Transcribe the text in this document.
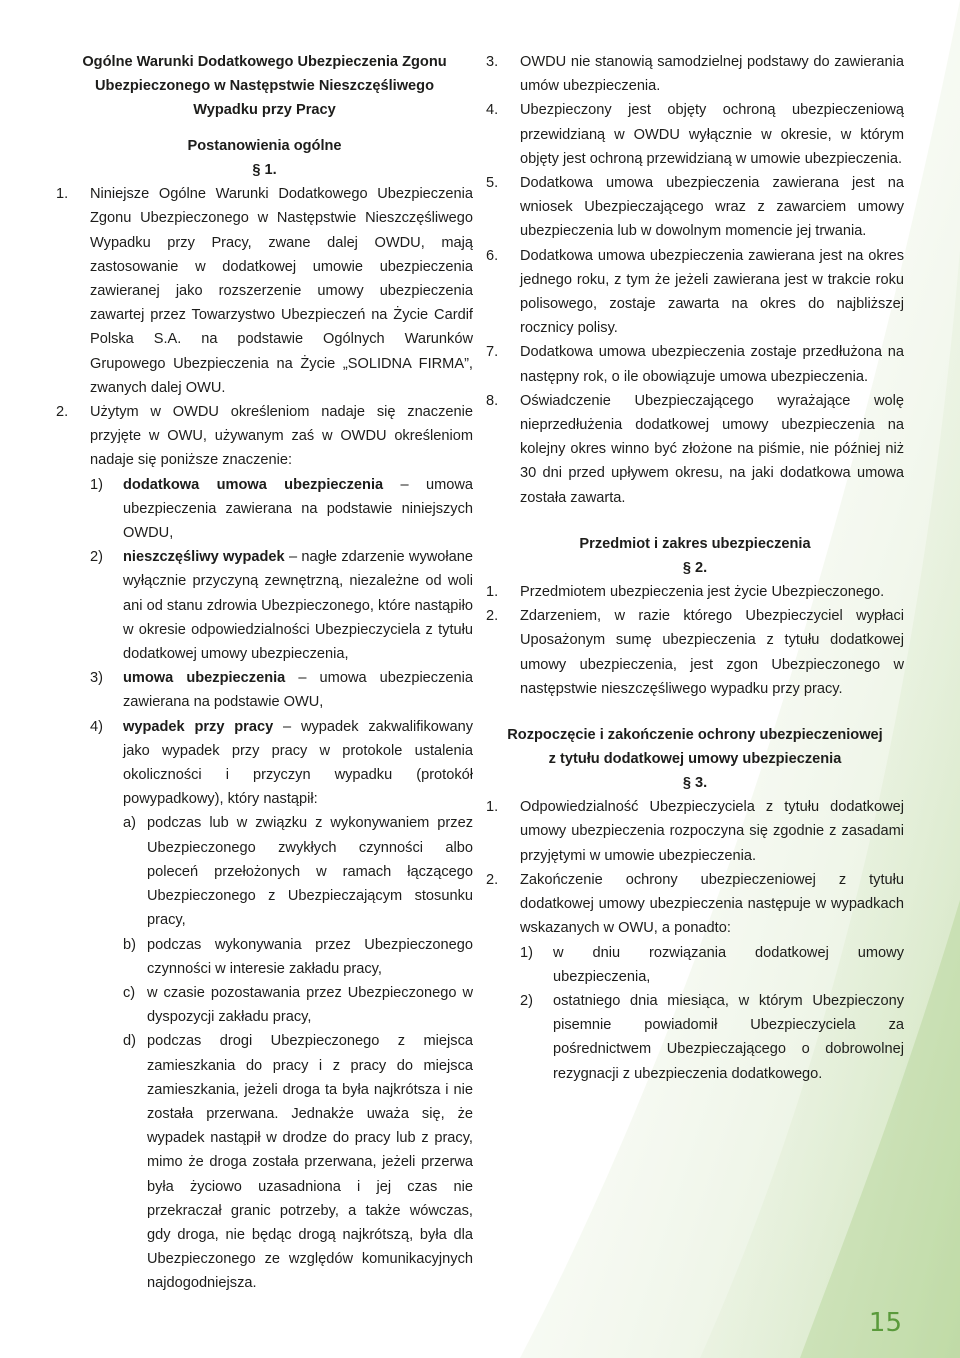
Ogólne Warunki Dodatkowego Ubezpieczenia Zgonu
Ubezpieczonego w Następstwie Nieszczęśliwego
Wypadku przy Pracy
Postanowienia ogólne
§ 1.
1. Niniejsze Ogólne Warunki Dodatkowego Ubezpieczenia Zgonu Ubezpieczonego w Następstwie Nieszczęśliwego Wypadku przy Pracy, zwane dalej OWDU, mają zastosowanie w dodatkowej umowie ubezpieczenia zawieranej jako rozszerzenie umowy ubezpieczenia zawartej przez Towarzystwo Ubezpieczeń na Życie Cardif Polska S.A. na podstawie Ogólnych Warunków Grupowego Ubezpieczenia na Życie „SOLIDNA FIRMA”, zwanych dalej OWU.
2. Użytym w OWDU określeniom nadaje się znaczenie przyjęte w OWU, używanym zaś w OWDU określeniom nadaje się poniższe znaczenie:
1) dodatkowa umowa ubezpieczenia – umowa ubezpieczenia zawierana na podstawie niniejszych OWDU,
2) nieszczęśliwy wypadek – nagłe zdarzenie wywołane wyłącznie przyczyną zewnętrzną, niezależne od woli ani od stanu zdrowia Ubezpieczonego, które nastąpiło w okresie odpowiedzialności Ubezpieczyciela z tytułu dodatkowej umowy ubezpieczenia,
3) umowa ubezpieczenia – umowa ubezpieczenia zawierana na podstawie OWU,
4) wypadek przy pracy – wypadek zakwalifikowany jako wypadek przy pracy w protokole ustalenia okoliczności i przyczyn wypadku (protokół powypadkowy), który nastąpił:
a) podczas lub w związku z wykonywaniem przez Ubezpieczonego zwykłych czynności albo poleceń przełożonych w ramach łączącego Ubezpieczonego z Ubezpieczającym stosunku pracy,
b) podczas wykonywania przez Ubezpieczonego czynności w interesie zakładu pracy,
c) w czasie pozostawania przez Ubezpieczonego w dyspozycji zakładu pracy,
d) podczas drogi Ubezpieczonego z miejsca zamieszkania do pracy i z pracy do miejsca zamieszkania, jeżeli droga ta była najkrótsza i nie została przerwana. Jednakże uważa się, że wypadek nastąpił w drodze do pracy lub z pracy, mimo że droga została przerwana, jeżeli przerwa była życiowo uzasadniona i jej czas nie przekraczał granic potrzeby, a także wówczas, gdy droga, nie będąc drogą najkrótszą, była dla Ubezpieczonego ze względów komunikacyjnych najdogodniejsza.
3. OWDU nie stanowią samodzielnej podstawy do zawierania umów ubezpieczenia.
4. Ubezpieczony jest objęty ochroną ubezpieczeniową przewidzianą w OWDU wyłącznie w okresie, w którym objęty jest ochroną przewidzianą w umowie ubezpieczenia.
5. Dodatkowa umowa ubezpieczenia zawierana jest na wniosek Ubezpieczającego wraz z zawarciem umowy ubezpieczenia lub w dowolnym momencie jej trwania.
6. Dodatkowa umowa ubezpieczenia zawierana jest na okres jednego roku, z tym że jeżeli zawierana jest w trakcie roku polisowego, zostaje zawarta na okres do najbliższej rocznicy polisy.
7. Dodatkowa umowa ubezpieczenia zostaje przedłużona na następny rok, o ile obowiązuje umowa ubezpieczenia.
8. Oświadczenie Ubezpieczającego wyrażające wolę nieprzedłużenia dodatkowej umowy ubezpieczenia na kolejny okres winno być złożone na piśmie, nie później niż 30 dni przed upływem okresu, na jaki dodatkowa umowa została zawarta.
Przedmiot i zakres ubezpieczenia
§ 2.
1. Przedmiotem ubezpieczenia jest życie Ubezpieczonego.
2. Zdarzeniem, w razie którego Ubezpieczyciel wypłaci Uposażonym sumę ubezpieczenia z tytułu dodatkowej umowy ubezpieczenia, jest zgon Ubezpieczonego w następstwie nieszczęśliwego wypadku przy pracy.
Rozpoczęcie i zakończenie ochrony ubezpieczeniowej
z tytułu dodatkowej umowy ubezpieczenia
§ 3.
1. Odpowiedzialność Ubezpieczyciela z tytułu dodatkowej umowy ubezpieczenia rozpoczyna się zgodnie z zasadami przyjętymi w umowie ubezpieczenia.
2. Zakończenie ochrony ubezpieczeniowej z tytułu dodatkowej umowy ubezpieczenia następuje w wypadkach wskazanych w OWU, a ponadto:
1) w dniu rozwiązania dodatkowej umowy ubezpieczenia,
2) ostatniego dnia miesiąca, w którym Ubezpieczony pisemnie powiadomił Ubezpieczyciela za pośrednictwem Ubezpieczającego o dobrowolnej rezygnacji z ubezpieczenia dodatkowego.
15
